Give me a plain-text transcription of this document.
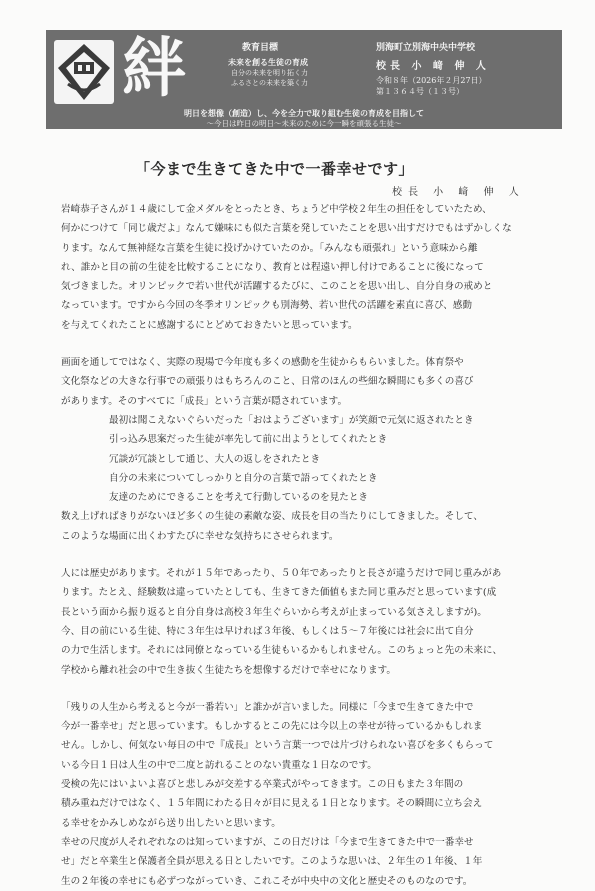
絆	教育目標
未来を創る生徒の育成
自分の未来を明り拓く力
ふるさとの未来を築く力
別海町立別海中央中学校
校長 小 﨑 伸 人
令和８年（2026年２月27日）
第１３６４号（１３号）
明日を想像（創造）し、今を全力で取り組む生徒の育成を目指して
～今日は昨日の明日～未来のために今一瞬を頑張る生徒～
「今まで生きてきた中で一番幸せです」
校長 小 﨑 伸 人
岩崎恭子さんが１４歳にして金メダルをとったとき、ちょうど中学校２年生の担任をしていたため、
何かにつけて「同じ歳だよ」なんて嫌味にも似た言葉を発していたことを思い出すだけでもはずかしくな
ります。なんて無神経な言葉を生徒に投げかけていたのか。「みんなも頑張れ」という意味から離
れ、誰かと目の前の生徒を比較することになり、教育とは程遠い押し付けであることに後になって
気づきました。オリンピックで若い世代が活躍するたびに、このことを思い出し、自分自身の戒めと
なっています。ですから今回の冬季オリンピックも別海勢、若い世代の活躍を素直に喜び、感動
を与えてくれたことに感謝するにとどめておきたいと思っています。
画面を通してではなく、実際の現場で今年度も多くの感動を生徒からもらいました。体育祭や
文化祭などの大きな行事での頑張りはもちろんのこと、日常のほんの些細な瞬間にも多くの喜び
があります。そのすべてに「成長」という言葉が隠されています。
最初は聞こえないぐらいだった「おはようございます」が笑顔で元気に返されたとき
引っ込み思案だった生徒が率先して前に出ようとしてくれたとき
冗談が冗談として通じ、大人の返しをされたとき
自分の未来についてしっかりと自分の言葉で語ってくれたとき
友達のためにできることを考えて行動しているのを見たとき
数え上げればきりがないほど多くの生徒の素敵な姿、成長を目の当たりにしてきました。そして、
このような場面に出くわすたびに幸せな気持ちにさせられます。
人には歴史があります。それが１５年であったり、５０年であったりと長さが違うだけで同じ重みがあ
ります。たとえ、経験数は違っていたとしても、生きてきた価値もまた同じ重みだと思っています(成
長という面から振り返ると自分自身は高校３年生ぐらいから考えが止まっている気さえしますが)。
今、目の前にいる生徒、特に３年生は早ければ３年後、もしくは５～７年後には社会に出て自分
の力で生活します。それには同僚となっている生徒もいるかもしれません。このちょっと先の未来に、
学校から離れ社会の中で生き抜く生徒たちを想像するだけで幸せになります。
「残りの人生から考えると今が一番若い」と誰かが言いました。同様に「今まで生きてきた中で
今が一番幸せ」だと思っています。もしかするとこの先には今以上の幸せが待っているかもしれま
せん。しかし、何気ない毎日の中で『成長』という言葉一つでは片づけられない喜びを多くもらって
いる今日１日は人生の中で二度と訪れることのない貴重な１日なのです。
受検の先にはいよいよ喜びと悲しみが交差する卒業式がやってきます。この日もまた３年間の
積み重ねだけではなく、１５年間にわたる日々が目に見える１日となります。その瞬間に立ち会え
る幸せをかみしめながら送り出したいと思います。
幸せの尺度が人それぞれなのは知っていますが、この日だけは「今まで生きてきた中で一番幸せ
せ」だと卒業生と保護者全員が思える日としたいです。このような思いは、２年生の１年後、１年
生の２年後の幸せにも必ずつながっていき、これこそが中央中の文化と歴史そのものなのです。
